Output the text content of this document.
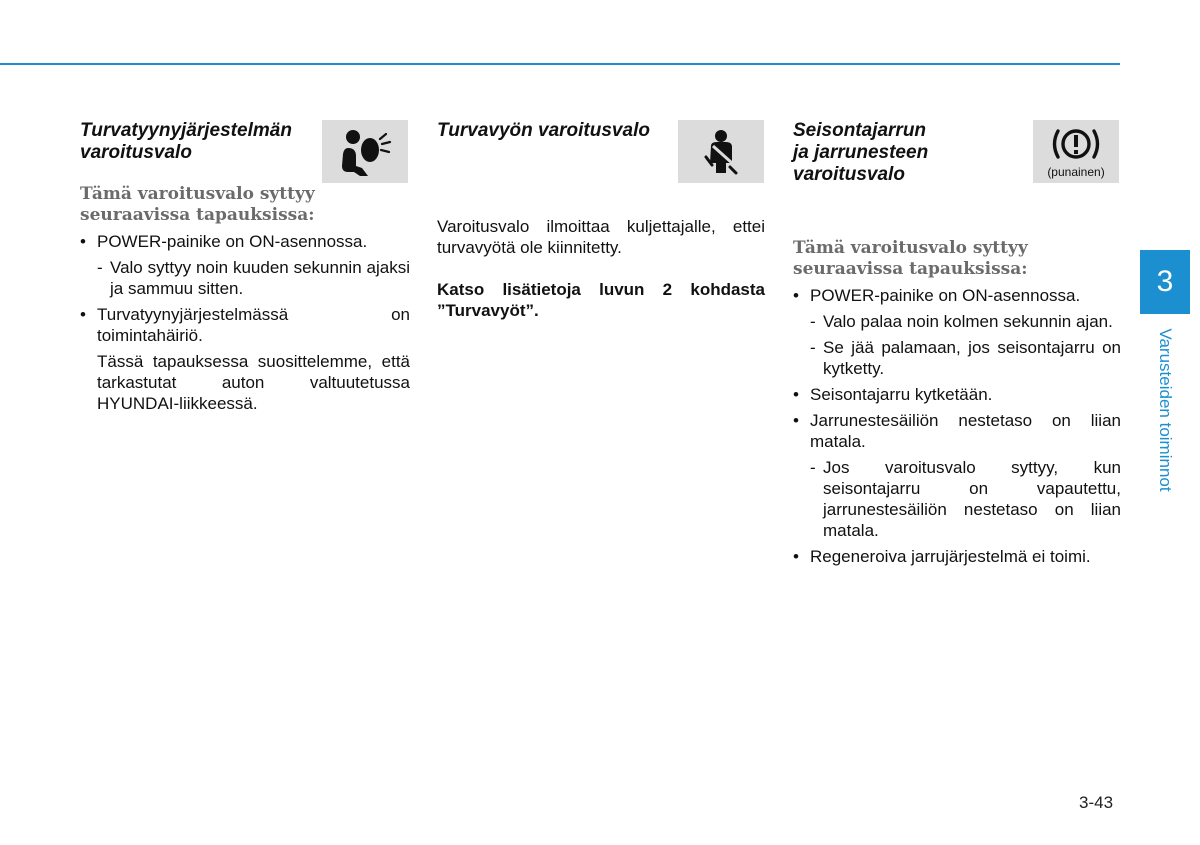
Turvatyynyjärjestelmän
varoitusvalo

Tämä varoitusvalo syttyy
seuraavissa tapauksissa:

• POWER-painike on ON-asennossa.
- Valo syttyy noin kuuden sekunnin ajaksi ja sammuu sitten.
• Turvatyynyjärjestelmässä on toimintahäiriö.
Tässä tapauksessa suosittelemme, että tarkastutat auton valtuutetussa HYUNDAI-liikkeessä.
Turvavyön varoitusvalo

Varoitusvalo ilmoittaa kuljettajalle, ettei turvavyötä ole kiinnitetty.

Katso lisätietoja luvun 2 kohdasta ”Turvavyöt”.

Seisontajarrun
ja jarrunesteen
varoitusvalo	(punainen)

Tämä varoitusvalo syttyy
seuraavissa tapauksissa:

• POWER-painike on ON-asennossa.
- Valo palaa noin kolmen sekunnin ajan.
- Se jää palamaan, jos seisontajarru on kytketty.
• Seisontajarru kytketään.
• Jarrunestesäiliön nestetaso on liian matala.
- Jos varoitusvalo syttyy, kun seisontajarru on vapautettu, jarrunestesäiliön nestetaso on liian matala.
• Regeneroiva jarrujärjestelmä ei toimi.
3
Varusteiden toiminnot
3-43
